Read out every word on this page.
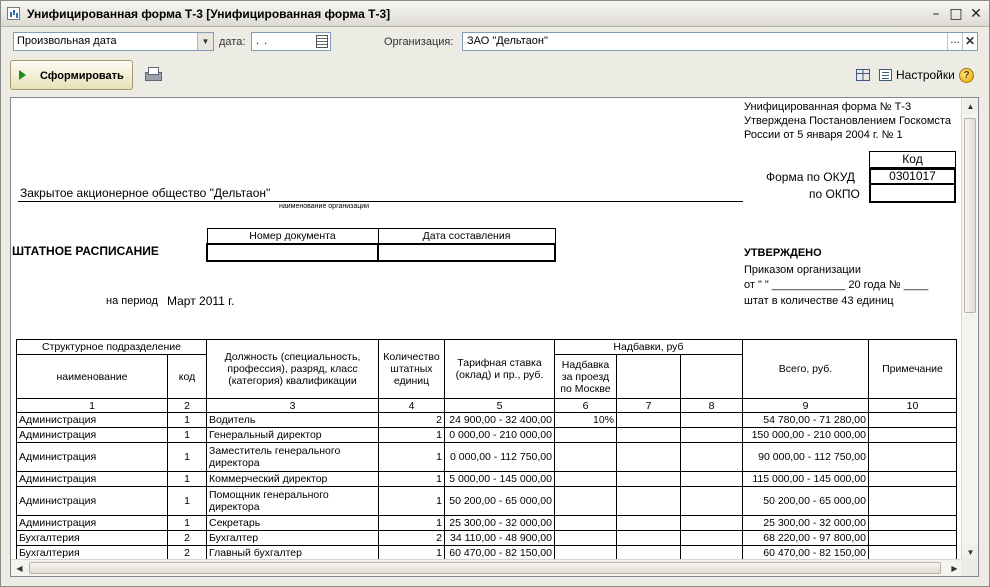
Унифицированная форма Т-3 [Унифицированная форма Т-3]	– □ ✕
Произвольная дата	▼ дата: . .	Организация: ЗАО "Дельтаон"	... ✕
Сформировать	Настройки ?
Унифицированная форма № Т-3
Утверждена Постановлением Госкомста
России от 5 января 2004 г. № 1
Код
Форма по ОКУД	0301017
по ОКПО
Закрытое акционерное общество "Дельтаон"
наименование организации
ШТАТНОЕ РАСПИСАНИЕ
Номер документа	Дата составления

УТВЕРЖДЕНО
Приказом организации
от " " ____________ 20 года № ____
штат в количестве 43 единиц
на период Март 2011 г.
Структурное подразделение		Должность (специальность, профессия), разряд, класс (категория) квалификации	Количество штатных единиц	Тарифная ставка (оклад) и пр., руб.	Надбавки, руб			Всего, руб.	Примечание
наименование	код				Надбавка за проезд по Москве				
1	2	3	4	5	6	7	8	9	10
Администрация	1	Водитель	2	24 900,00 - 32 400,00	10%			54 780,00 - 71 280,00	
Администрация	1	Генеральный директор	1	0 000,00 - 210 000,00				150 000,00 - 210 000,00	
Администрация	1	Заместитель генерального директора	1	0 000,00 - 112 750,00				90 000,00 - 112 750,00	
Администрация	1	Коммерческий директор	1	5 000,00 - 145 000,00				115 000,00 - 145 000,00	
Администрация	1	Помощник генерального директора	1	50 200,00 - 65 000,00				50 200,00 - 65 000,00	
Администрация	1	Секретарь	1	25 300,00 - 32 000,00				25 300,00 - 32 000,00	
Бухгалтерия	2	Бухгалтер	2	34 110,00 - 48 900,00				68 220,00 - 97 800,00	
Бухгалтерия	2	Главный бухгалтер	1	60 470,00 - 82 150,00				60 470,00 - 82 150,00	
▲
▼
◀	▶
